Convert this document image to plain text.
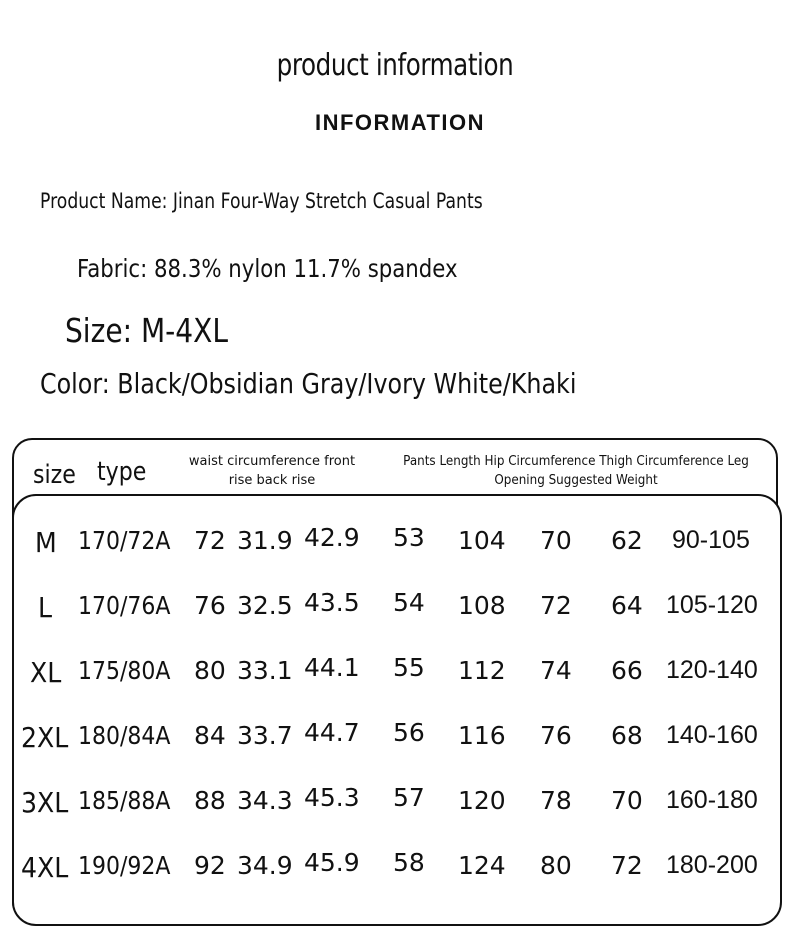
product information
INFORMATION
Product Name: Jinan Four-Way Stretch Casual Pants
Fabric: 88.3% nylon 11.7% spandex
Size: M-4XL
Color: Black/Obsidian Gray/Ivory White/Khaki
size type	waist circumference front rise back rise
Pants Length Hip Circumference Thigh Circumference Leg Opening Suggested Weight
M 170/72A 72 31.9 42.9 53 104 70 62 90-105
L 170/76A 76 32.5 43.5 54 108 72 64 105-120
XL 175/80A 80 33.1 44.1 55 112 74 66 120-140
2XL 180/84A 84 33.7 44.7 56 116 76 68 140-160
3XL 185/88A 88 34.3 45.3 57 120 78 70 160-180
4XL 190/92A 92 34.9 45.9 58 124 80 72 180-200
